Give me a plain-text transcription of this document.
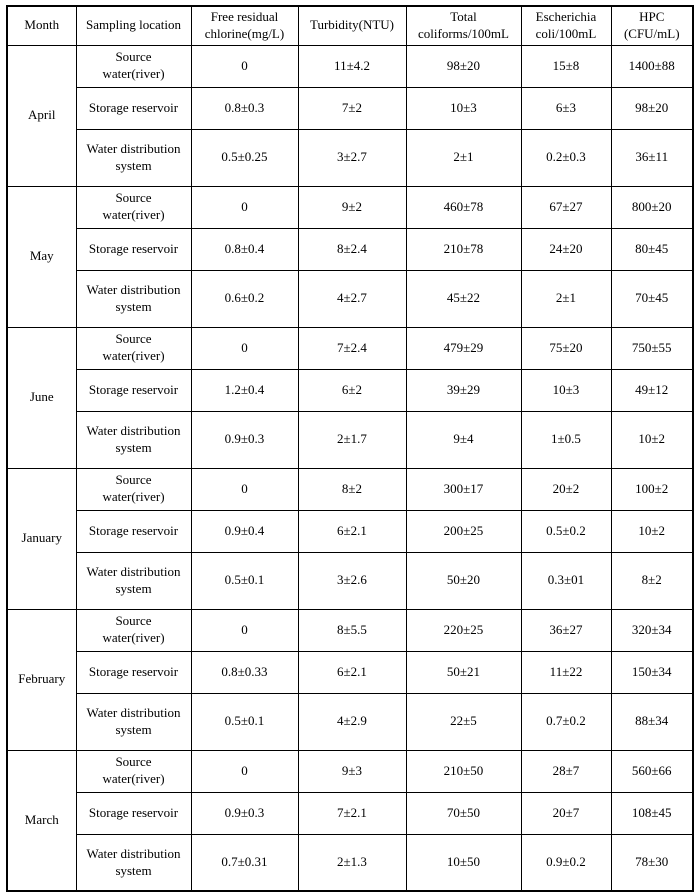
Month	Sampling location	Free residual chlorine(mg/L)	Turbidity(NTU)	Total coliforms/100mL	Escherichia coli/100mL	HPC (CFU/mL)
April	Source water(river)	0	11±4.2	98±20	15±8	1400±88
	Storage reservoir	0.8±0.3	7±2	10±3	6±3	98±20
	Water distribution system	0.5±0.25	3±2.7	2±1	0.2±0.3	36±11
May	Source water(river)	0	9±2	460±78	67±27	800±20
	Storage reservoir	0.8±0.4	8±2.4	210±78	24±20	80±45
	Water distribution system	0.6±0.2	4±2.7	45±22	2±1	70±45
June	Source water(river)	0	7±2.4	479±29	75±20	750±55
	Storage reservoir	1.2±0.4	6±2	39±29	10±3	49±12
	Water distribution system	0.9±0.3	2±1.7	9±4	1±0.5	10±2
January	Source water(river)	0	8±2	300±17	20±2	100±2
	Storage reservoir	0.9±0.4	6±2.1	200±25	0.5±0.2	10±2
	Water distribution system	0.5±0.1	3±2.6	50±20	0.3±01	8±2
February	Source water(river)	0	8±5.5	220±25	36±27	320±34
	Storage reservoir	0.8±0.33	6±2.1	50±21	11±22	150±34
	Water distribution system	0.5±0.1	4±2.9	22±5	0.7±0.2	88±34
March	Source water(river)	0	9±3	210±50	28±7	560±66
	Storage reservoir	0.9±0.3	7±2.1	70±50	20±7	108±45
	Water distribution system	0.7±0.31	2±1.3	10±50	0.9±0.2	78±30
